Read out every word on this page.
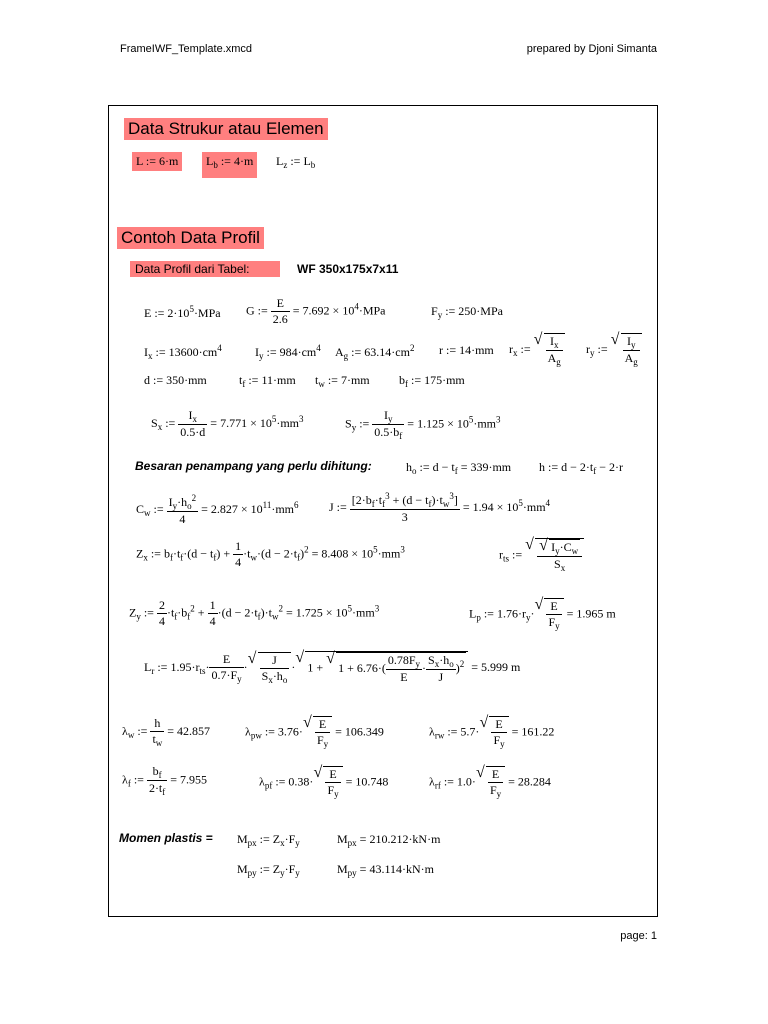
FrameIWF_Template.xmcd	prepared by Djoni Simanta
Data Strukur atau Elemen
L := 6·m	$L_b$ := 4·m	$L_z$ := $L_b$
Contoh Data Profil
Data Profil dari Tabel:	WF 350x175x7x11
E := $2\cdot 10^5\cdot MPa$ G := $\frac{E}{2.6} = 7.692 \times 10^4\cdot MPa$	$F_y$ := 250·MPa
$I_x$ := $13600\cdot cm^4$	$I_y$ := $984\cdot cm^4$ $A_g$ := $63.14\cdot cm^2$ r := 14·mm $r_x$ := √ $\frac{I_x}{A_g} r_y$ := √ $\frac{I_y}{A_g}$
d := 350·mm	$t_f$ := 11·mm $t_w$ := 7·mm $b_f$ := 175·mm
$S_x$ := $\frac{I_x}{0.5\cdot d} = 7.771 \times 10^5\cdot mm^3$	$S_y$ := $\frac{I_y}{0.5\cdot b_f} = 1.125 \times 10^5\cdot mm^3$
Besaran penampang yang perlu dihitung:	$h_o$ := $d - t_f = 339\cdot mm$ h := $d - 2\cdot t_f - 2\cdot r$
$C_w$ := $\frac{I_y\cdot h_o^2}{4} = 2.827 \times 10^{11}\cdot mm^6$	J := $\frac{[2\cdot b_f\cdot t_f^3 + (d - t_f)\cdot t_w^3]}{3} = 1.94 \times 10^5\cdot mm^4$
$Z_x$ := $b_f\cdot t_f\cdot(d - t_f) + \frac{1}{4} \cdot t_w\cdot(d - 2\cdot t_f)^2 = 8.408 \times 10^5\cdot mm^3$	$r_{ts}$ := √ √ $\frac{I_y\cdot C_w}{S_x}$
$Z_y$ := $\frac{2}{4} \cdot t_f\cdot b_f^2 + \frac{1}{4} \cdot(d - 2\cdot t_f)\cdot t_w^2 = 1.725 \times 10^5\cdot mm^3$	$L_p$ := $1.76\cdot r_y\cdot$ √ $\frac{E}{F_y} = 1.965$ m
$L_r$ := $1.95\cdot r_{ts}\cdot \frac{E}{0.7\cdot F_y}$ · √ $\frac{J}{S_x\cdot h_o}$ · √ 1 + √ $1 + 6.76\cdot( \frac{0.78F_y}{E} \cdot \frac{S_x\cdot h_o}{J} )^2 = 5.999$ m
$\lambda_w$ := $\frac{h}{t_w} = 42.857$	$\lambda_{pw}$ := 3.76· √ $\frac{E}{F_y} = 106.349$	$\lambda_{rw}$ := 5.7· √ $\frac{E}{F_y} = 161.22$
$\lambda_f$ := $\frac{b_f}{2\cdot t_f} = 7.955$	$\lambda_{pf}$ := 0.38· √ $\frac{E}{F_y} = 10.748$	$\lambda_{rf}$ := 1.0· √ $\frac{E}{F_y} = 28.284$
Momen plastis = $M_{px}$ := $Z_x\cdot F_y$	$M_{px} = 210.212\cdot kN\cdot m$
$M_{py}$ := $Z_y\cdot F_y$	$M_{py} = 43.114\cdot kN\cdot m$
page: 1
